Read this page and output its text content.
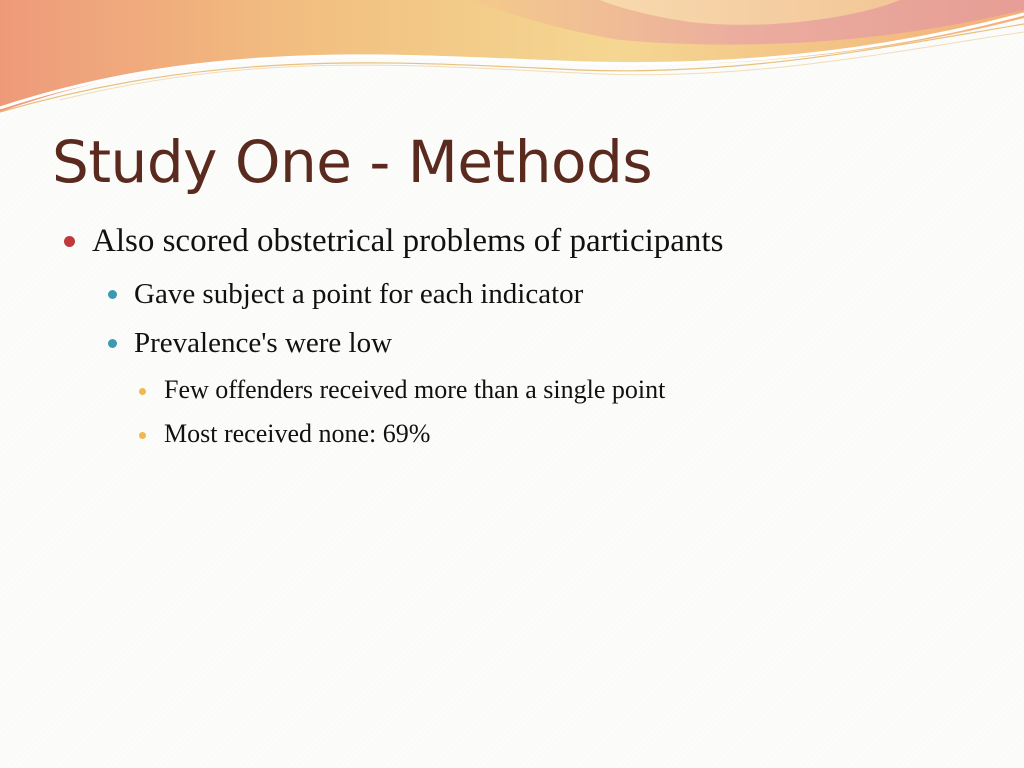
Study One - Methods
Also scored obstetrical problems of participants
Gave subject a point for each indicator
Prevalence's were low
Few offenders received more than a single point
Most received none: 69%
